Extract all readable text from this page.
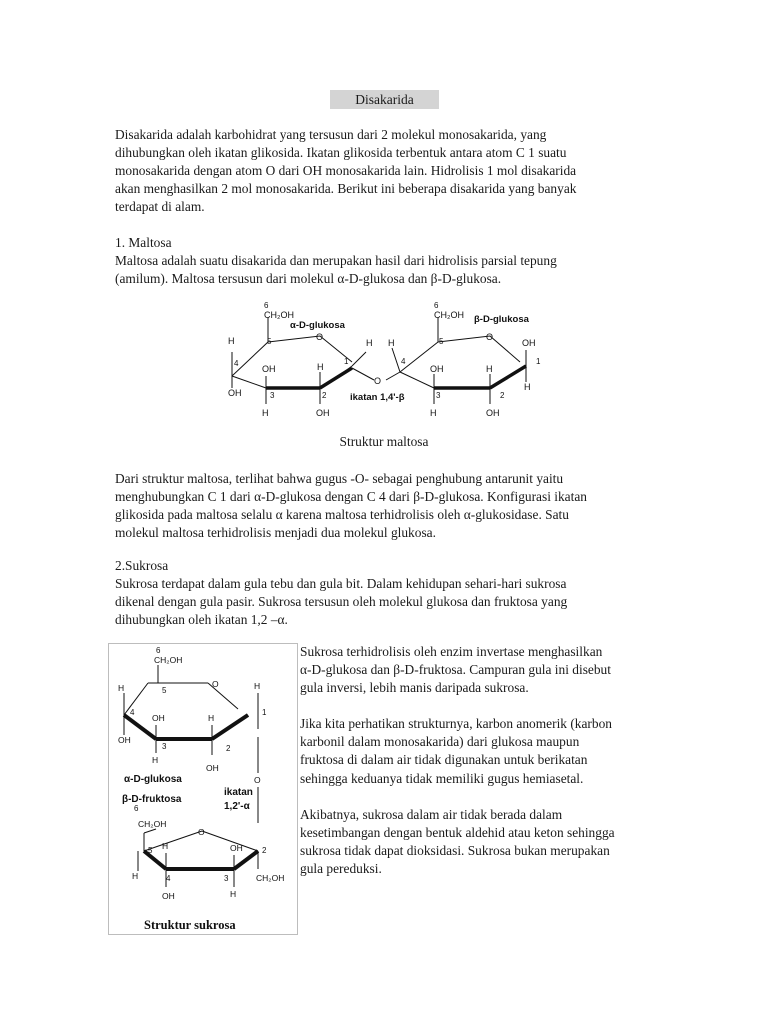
Disakarida

Disakarida adalah karbohidrat yang tersusun dari 2 molekul monosakarida, yang

dihubungkan oleh ikatan glikosida. Ikatan glikosida terbentuk antara atom C 1 suatu

monosakarida dengan atom O dari OH monosakarida lain. Hidrolisis 1 mol disakarida

akan menghasilkan 2 mol monosakarida. Berikut ini beberapa disakarida yang banyak

terdapat di alam.

1. Maltosa

Maltosa adalah suatu disakarida dan merupakan hasil dari hidrolisis parsial tepung

(amilum). Maltosa tersusun dari molekul α-D-glukosa dan β-D-glukosa.

6	6
5	5
4	1	4	1
3	2	3	2
CH₂OH	CH₂OH
O	O
O
H
OH
OH
H
H
OH
H H
OH
H
H
OH
OH
H
α-D-glukosa
β-D-glukosa
ikatan 1,4'-β
Struktur maltosa

Dari struktur maltosa, terlihat bahwa gugus -O- sebagai penghubung antarunit yaitu

menghubungkan C 1 dari α-D-glukosa dengan C 4 dari β-D-glukosa. Konfigurasi ikatan

glikosida pada maltosa selalu α karena maltosa terhidrolisis oleh α-glukosidase. Satu

molekul maltosa terhidrolisis menjadi dua molekul glukosa.

2.Sukrosa

Sukrosa terdapat dalam gula tebu dan gula bit. Dalam kehidupan sehari-hari sukrosa

dikenal dengan gula pasir. Sukrosa tersusun oleh molekul glukosa dan fruktosa yang

dihubungkan oleh ikatan 1,2 –α.

6
5
4	1
3	2
6
5
4	3
2
CH₂OH
O
H	H
OH
OH
H
H
OH
O
CH₂OH
O
H
H
OH
OH
H
CH₂OH
α-D-glukosa
β-D-fruktosa
ikatan
1,2'-α
Struktur sukrosa

Sukrosa terhidrolisis oleh enzim invertase menghasilkan

α-D-glukosa dan β-D-fruktosa. Campuran gula ini disebut

gula inversi, lebih manis daripada sukrosa.

Jika kita perhatikan strukturnya, karbon anomerik (karbon

karbonil dalam monosakarida) dari glukosa maupun

fruktosa di dalam air tidak digunakan untuk berikatan

sehingga keduanya tidak memiliki gugus hemiasetal.

Akibatnya, sukrosa dalam air tidak berada dalam

kesetimbangan dengan bentuk aldehid atau keton sehingga

sukrosa tidak dapat dioksidasi. Sukrosa bukan merupakan

gula pereduksi.
